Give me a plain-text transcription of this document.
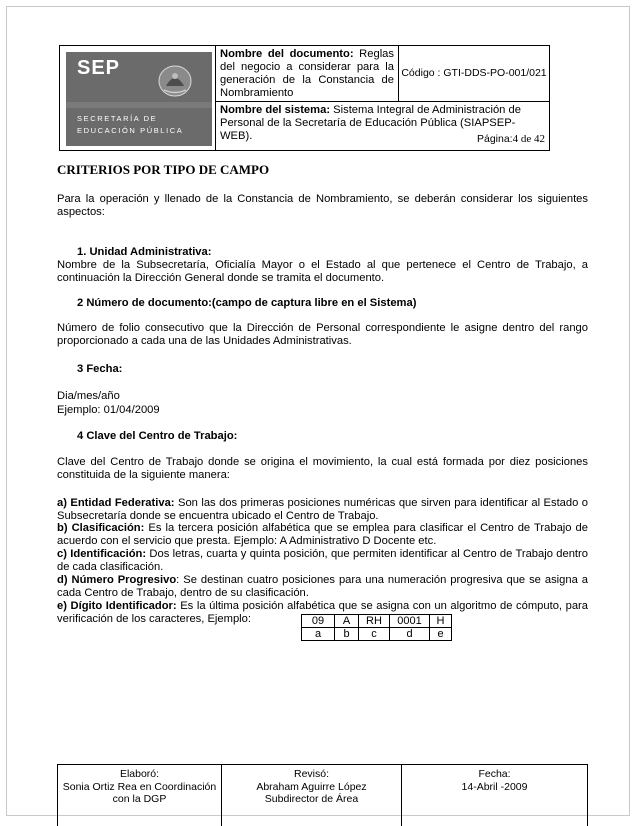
SEP
SECRETARÍA DE
EDUCACIÓN PÚBLICA
Nombre del documento: Reglas del negocio a considerar para la generación de la Constancia de Nombramiento
Código : GTI-DDS-PO-001/021
Nombre del sistema: Sistema Integral de Administración de Personal de la Secretaría de Educación Pública (SIAPSEP-WEB).	Página:4 de 42
CRITERIOS POR TIPO DE CAMPO
Para la operación y llenado de la Constancia de Nombramiento, se deberán considerar los siguientes aspectos:
1. Unidad Administrativa:
Nombre de la Subsecretaría, Oficialía Mayor o el Estado al que pertenece el Centro de Trabajo, a continuación la Dirección General donde se tramita el documento.
2 Número de documento:(campo de captura libre en el Sistema)
Número de folio consecutivo que la Dirección de Personal correspondiente le asigne dentro del rango proporcionado a cada una de las Unidades Administrativas.
3 Fecha:
Dia/mes/año
Ejemplo: 01/04/2009
4 Clave del Centro de Trabajo:
Clave del Centro de Trabajo donde se origina el movimiento, la cual está formada por diez posiciones constituida de la siguiente manera:
a) Entidad Federativa: Son las dos primeras posiciones numéricas que sirven para identificar al Estado o Subsecretaría donde se encuentra ubicado el Centro de Trabajo.
b) Clasificación: Es la tercera posición alfabética que se emplea para clasificar el Centro de Trabajo de acuerdo con el servicio que presta. Ejemplo: A Administrativo D Docente etc.
c) Identificación: Dos letras, cuarta y quinta posición, que permiten identificar al Centro de Trabajo dentro de cada clasificación.
d) Número Progresivo: Se destinan cuatro posiciones para una numeración progresiva que se asigna a cada Centro de Trabajo, dentro de su clasificación.
e) Dígito Identificador: Es la última posición alfabética que se asigna con un algoritmo de cómputo, para verificación de los caracteres, Ejemplo:	09	A	RH	0001	H
a	b	c	d	e
Elaboró:
Sonia Ortiz Rea en Coordinación con la DGP
Revisó:
Abraham Aguirre López
Subdirector de Área
Fecha:
14-Abril -2009
